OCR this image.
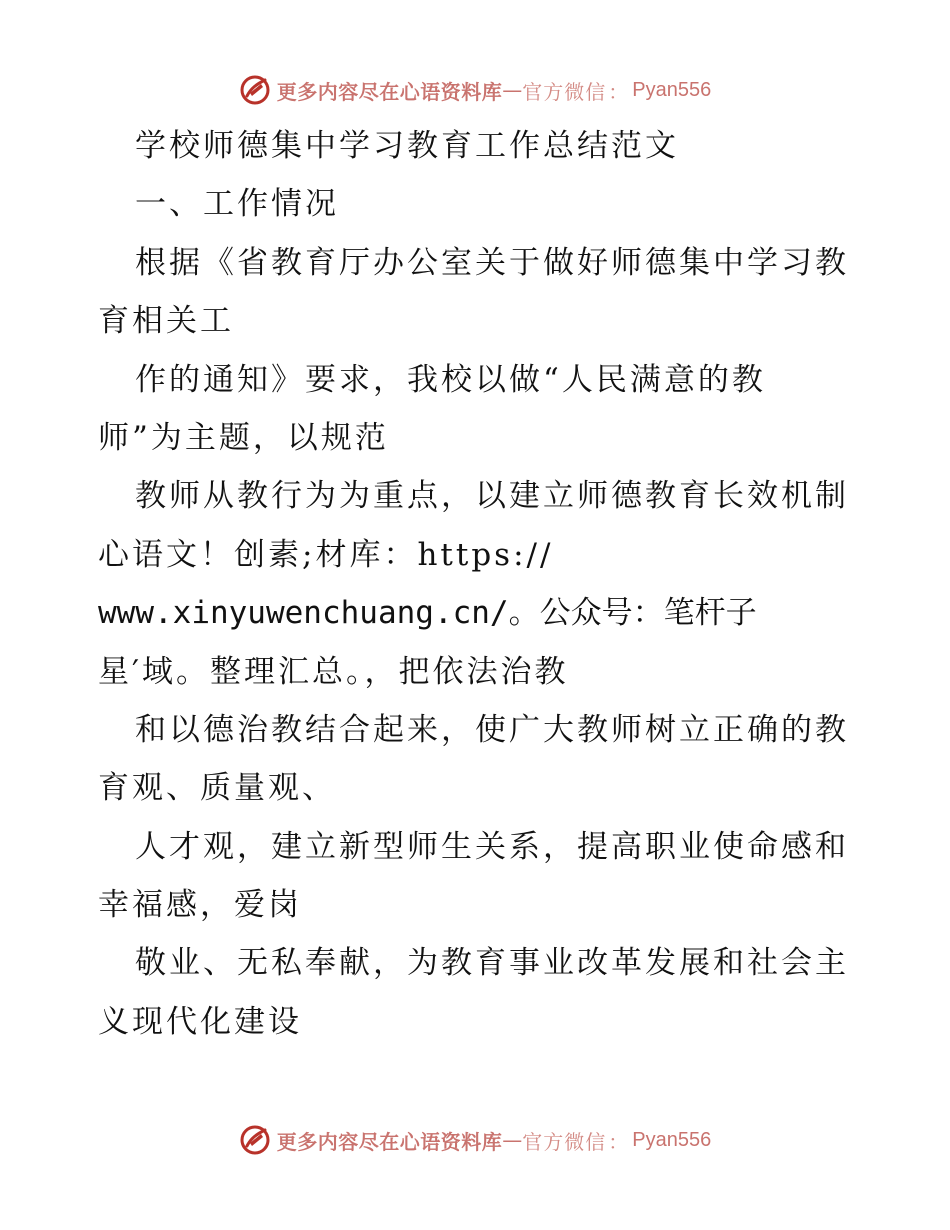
更多内容尽在心语资料库 — 官方微信 ： Pyan556
学校师德集中学习教育工作总结范文
一、工作情况
根据《省教育厅办公室关于做好师德集中学习教
育相关工
作的通知》要求，我校以做“人民满意的教
师”为主题，以规范
教师从教行为为重点，以建立师德教育长效机制
心语文！创素;材库：https://
www.xinyuwenchuang.cn/。公众号：笔杆子
星′域。整理汇总。，把依法治教
和以德治教结合起来，使广大教师树立正确的教
育观、质量观、
人才观，建立新型师生关系，提高职业使命感和
幸福感，爱岗
敬业、无私奉献，为教育事业改革发展和社会主
义现代化建设
更多内容尽在心语资料库 — 官方微信 ： Pyan556
